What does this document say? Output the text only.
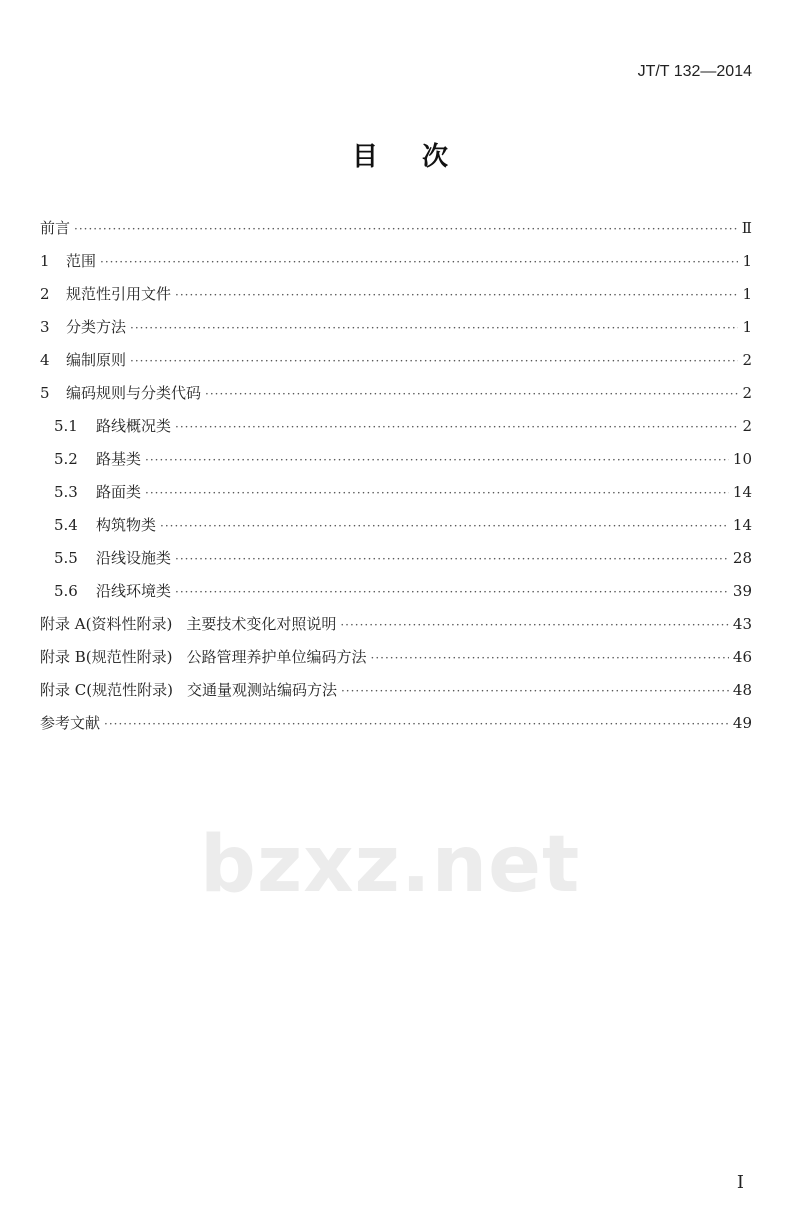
JT/T 132—2014
bzxz.net
目次
前言 ·····	Ⅱ
1	范围 ·····	1
2	规范性引用文件 ·····	1
3	分类方法 ·····	1
4	编制原则 ·····	2
5	编码规则与分类代码 ·····	2
5.1	路线概况类 ·····	2
5.2	路基类 ·····	10
5.3	路面类 ·····	14
5.4	构筑物类 ·····	14
5.5	沿线设施类 ·····	28
5.6	沿线环境类 ·····	39
附录 A(资料性附录) 主要技术变化对照说明 ·····	43
附录 B(规范性附录) 公路管理养护单位编码方法 ·····	46
附录 C(规范性附录) 交通量观测站编码方法 ·····	48
参考文献 ·····	49
I
